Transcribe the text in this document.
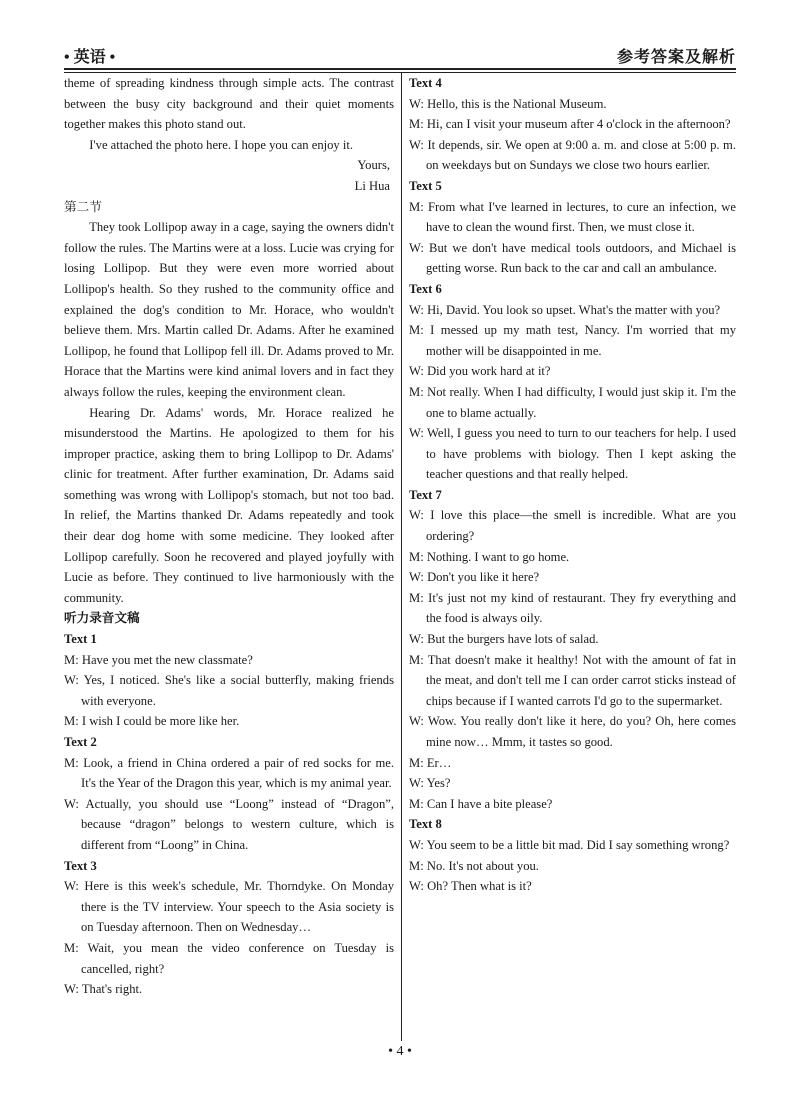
• 英语 •	参考答案及解析

theme of spreading kindness through simple acts. The contrast between the busy city background and their quiet moments together makes this photo stand out.

I've attached the photo here. I hope you can enjoy it.

Yours,

Li Hua

第二节

They took Lollipop away in a cage, saying the owners didn't follow the rules. The Martins were at a loss. Lucie was crying for losing Lollipop. But they were even more worried about Lollipop's health. So they rushed to the community office and explained the dog's condition to Mr. Horace, who wouldn't believe them. Mrs. Martin called Dr. Adams. After he examined Lollipop, he found that Lollipop fell ill. Dr. Adams proved to Mr. Horace that the Martins were kind animal lovers and in fact they always follow the rules, keeping the environment clean.

Hearing Dr. Adams' words, Mr. Horace realized he misunderstood the Martins. He apologized to them for his improper practice, asking them to bring Lollipop to Dr. Adams' clinic for treatment. After further examination, Dr. Adams said something was wrong with Lollipop's stomach, but not too bad. In relief, the Martins thanked Dr. Adams repeatedly and took their dear dog home with some medicine. They looked after Lollipop carefully. Soon he recovered and played joyfully with Lucie as before. They continued to live harmoniously with the community.

听力录音文稿

Text 1

M: Have you met the new classmate?

W: Yes, I noticed. She's like a social butterfly, making friends with everyone.

M: I wish I could be more like her.

Text 2

M: Look, a friend in China ordered a pair of red socks for me. It's the Year of the Dragon this year, which is my animal year.

W: Actually, you should use “Loong” instead of “Dragon”, because “dragon” belongs to western culture, which is different from “Loong” in China.

Text 3

W: Here is this week's schedule, Mr. Thorndyke. On Monday there is the TV interview. Your speech to the Asia society is on Tuesday afternoon. Then on Wednesday…

M: Wait, you mean the video conference on Tuesday is cancelled, right?

W: That's right.

Text 4

W: Hello, this is the National Museum.

M: Hi, can I visit your museum after 4 o'clock in the afternoon?

W: It depends, sir. We open at 9:00 a. m. and close at 5:00 p. m. on weekdays but on Sundays we close two hours earlier.

Text 5

M: From what I've learned in lectures, to cure an infection, we have to clean the wound first. Then, we must close it.

W: But we don't have medical tools outdoors, and Michael is getting worse. Run back to the car and call an ambulance.

Text 6

W: Hi, David. You look so upset. What's the matter with you?

M: I messed up my math test, Nancy. I'm worried that my mother will be disappointed in me.

W: Did you work hard at it?

M: Not really. When I had difficulty, I would just skip it. I'm the one to blame actually.

W: Well, I guess you need to turn to our teachers for help. I used to have problems with biology. Then I kept asking the teacher questions and that really helped.

Text 7

W: I love this place—the smell is incredible. What are you ordering?

M: Nothing. I want to go home.

W: Don't you like it here?

M: It's just not my kind of restaurant. They fry everything and the food is always oily.

W: But the burgers have lots of salad.

M: That doesn't make it healthy! Not with the amount of fat in the meat, and don't tell me I can order carrot sticks instead of chips because if I wanted carrots I'd go to the supermarket.

W: Wow. You really don't like it here, do you? Oh, here comes mine now… Mmm, it tastes so good.

M: Er…

W: Yes?

M: Can I have a bite please?

Text 8

W: You seem to be a little bit mad. Did I say something wrong?

M: No. It's not about you.

W: Oh? Then what is it?

• 4 •
